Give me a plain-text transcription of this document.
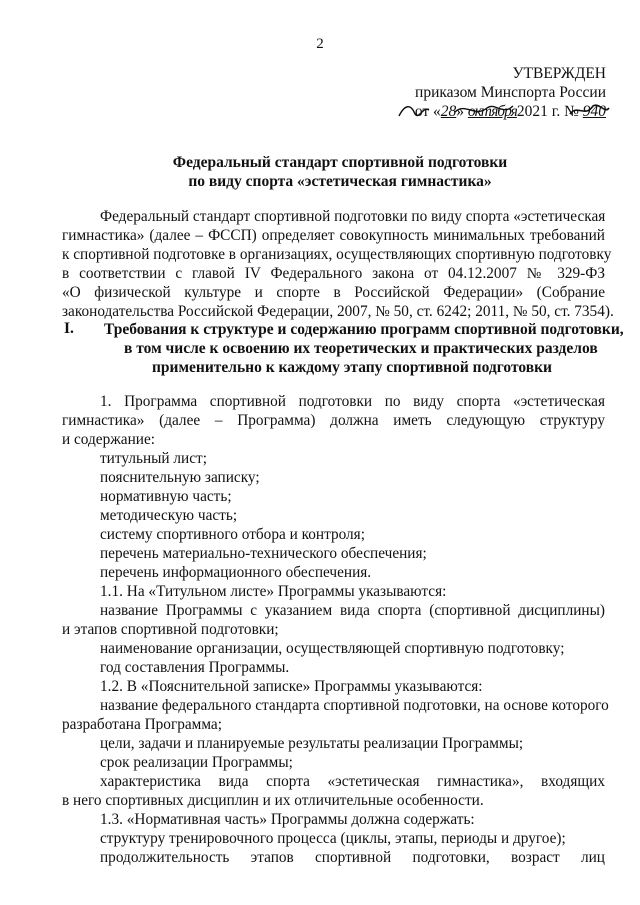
2
УТВЕРЖДЕН
приказом Минспорта России
от «28» октября2021 г. № 940
Федеральный стандарт спортивной подготовки
по виду спорта «эстетическая гимнастика»
Федеральный стандарт спортивной подготовки по виду спорта «эстетическая
гимнастика» (далее – ФССП) определяет совокупность минимальных требований
к спортивной подготовке в организациях, осуществляющих спортивную подготовку
в соответствии с главой IV Федерального закона от 04.12.2007 № 329-ФЗ
«О физической культуре и спорте в Российской Федерации» (Собрание
законодательства Российской Федерации, 2007, № 50, ст. 6242; 2011, № 50, ст. 7354).
I. Требования к структуре и содержанию программ спортивной подготовки,
в том числе к освоению их теоретических и практических разделов
применительно к каждому этапу спортивной подготовки
1. Программа спортивной подготовки по виду спорта «эстетическая
гимнастика» (далее – Программа) должна иметь следующую структуру
и содержание:
титульный лист;
пояснительную записку;
нормативную часть;
методическую часть;
систему спортивного отбора и контроля;
перечень материально-технического обеспечения;
перечень информационного обеспечения.
1.1. На «Титульном листе» Программы указываются:
название Программы с указанием вида спорта (спортивной дисциплины)
и этапов спортивной подготовки;
наименование организации, осуществляющей спортивную подготовку;
год составления Программы.
1.2. В «Пояснительной записке» Программы указываются:
название федерального стандарта спортивной подготовки, на основе которого
разработана Программа;
цели, задачи и планируемые результаты реализации Программы;
срок реализации Программы;
характеристика вида спорта «эстетическая гимнастика», входящих
в него спортивных дисциплин и их отличительные особенности.
1.3. «Нормативная часть» Программы должна содержать:
структуру тренировочного процесса (циклы, этапы, периоды и другое);
продолжительность этапов спортивной подготовки, возраст лиц
